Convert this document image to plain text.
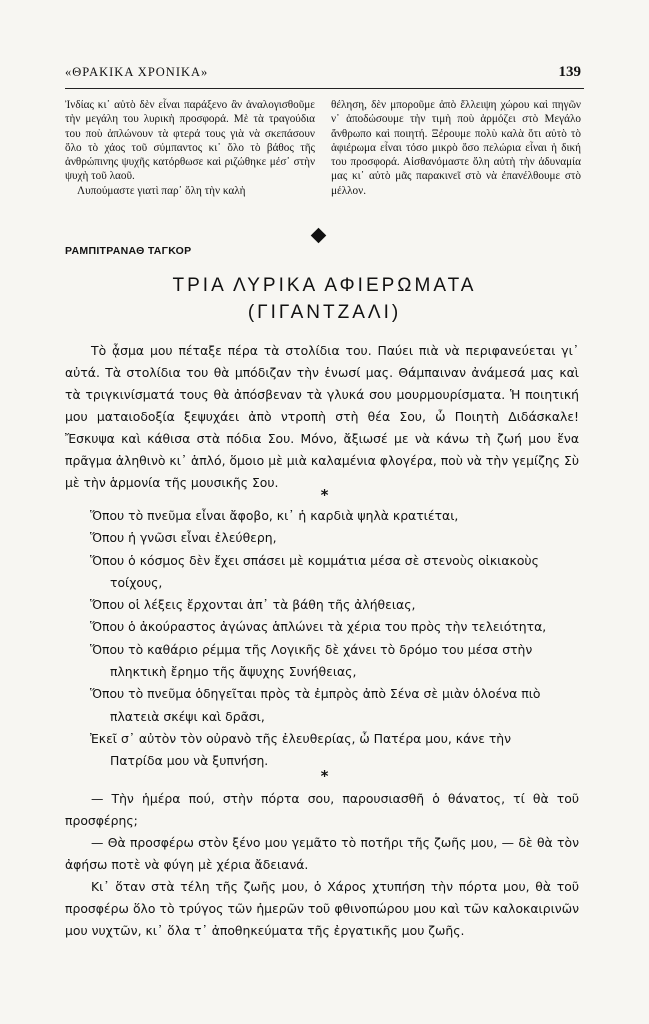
«ΘΡΑΚΙΚΑ ΧΡΟΝΙΚΑ»	139

Ἰνδίας κι᾽ αὐτὸ δὲν εἶναι παράξενο ἂν ἀναλογισθοῦμε τὴν μεγάλη του λυρικὴ προσφορά. Μὲ τὰ τραγούδια του ποὺ ἁπλώνουν τὰ φτερά τους γιὰ νὰ σκεπάσουν ὅλο τὸ χάος τοῦ σύμπαντος κι᾽ ὅλο τὸ βάθος τῆς ἀνθρώπινης ψυχῆς κατόρθωσε καὶ ριζώθηκε μέσ᾽ στὴν ψυχὴ τοῦ λαοῦ.

Λυπούμαστε γιατὶ παρ᾽ ὅλη τὴν καλὴ

θέληση, δὲν μποροῦμε ἀπὸ ἔλλειψη χώρου καὶ πηγῶν ν᾽ ἀποδώσουμε τὴν τιμὴ ποὺ ἁρμόζει στὸ Μεγάλο ἄνθρωπο καὶ ποιητή. Ξέρουμε πολὺ καλὰ ὅτι αὐτὸ τὸ ἀφιέρωμα εἶναι τόσο μικρὸ ὅσο πελώρια εἶναι ἡ δική του προσφορά. Αἰσθανόμαστε ὅλη αὐτὴ τὴν ἀδυναμία μας κι᾽ αὐτὸ μᾶς παρακινεῖ στὸ νὰ ἐπανέλθουμε στὸ μέλλον.

ΡΑΜΠΙΤΡΑΝΑΘ ΤΑΓΚΟΡ
ΤΡΙΑ ΛΥΡΙΚΑ ΑΦΙΕΡΩΜΑΤΑ
(ΓΙΓΑΝΤΖΑΛΙ)

Τὸ ᾆσμα μου πέταξε πέρα τὰ στολίδια του. Παύει πιὰ νὰ περιφανεύεται γι᾽ αὐτά. Τὰ στολίδια του θὰ μπόδιζαν τὴν ἑνωσί μας. Θάμπαιναν ἀνάμεσά μας καὶ τὰ τριγκινίσματά τους θὰ ἀπόσβεναν τὰ γλυκά σου μουρμουρίσματα. Ἡ ποιητική μου ματαιοδοξία ξεψυχάει ἀπὸ ντροπὴ στὴ θέα Σου, ὦ Ποιητὴ Διδάσκαλε! Ἔσκυψα καὶ κάθισα στὰ πόδια Σου. Μόνο, ἄξιωσέ με νὰ κάνω τὴ ζωή μου ἕνα πρᾶγμα ἀληθινὸ κι᾽ ἁπλό, ὅμοιο μὲ μιὰ καλαμένια φλογέρα, ποὺ νὰ τὴν γεμίζης Σὺ μὲ τὴν ἁρμονία τῆς μουσικῆς Σου.

*
Ὅπου τὸ πνεῦμα εἶναι ἄφοβο, κι᾽ ἡ καρδιὰ ψηλὰ κρατιέται,
Ὅπου ἡ γνῶσι εἶναι ἐλεύθερη,
Ὅπου ὁ κόσμος δὲν ἔχει σπάσει μὲ κομμάτια μέσα σὲ στενοὺς οἰκιακοὺς τοίχους,
Ὅπου οἱ λέξεις ἔρχονται ἀπ᾽ τὰ βάθη τῆς ἀλήθειας,
Ὅπου ὁ ἀκούραστος ἀγώνας ἁπλώνει τὰ χέρια του πρὸς τὴν τελειότητα,
Ὅπου τὸ καθάριο ρέμμα τῆς Λογικῆς δὲ χάνει τὸ δρόμο του μέσα στὴν πληκτικὴ ἔρημο τῆς ἄψυχης Συνήθειας,
Ὅπου τὸ πνεῦμα ὁδηγεῖται πρὸς τὰ ἐμπρὸς ἀπὸ Σένα σὲ μιὰν ὁλοένα πιὸ πλατειὰ σκέψι καὶ δρᾶσι,
Ἐκεῖ σ᾽ αὐτὸν τὸν οὐρανὸ τῆς ἐλευθερίας, ὦ Πατέρα μου, κάνε τὴν Πατρίδα μου νὰ ξυπνήση.
*

— Τὴν ἡμέρα πού, στὴν πόρτα σου, παρουσιασθῆ ὁ θάνατος, τί θὰ τοῦ προσφέρης;

— Θὰ προσφέρω στὸν ξένο μου γεμᾶτο τὸ ποτῆρι τῆς ζωῆς μου, — δὲ θὰ τὸν ἀφήσω ποτὲ νὰ φύγη μὲ χέρια ἄδειανά.

Κι᾽ ὅταν στὰ τέλη τῆς ζωῆς μου, ὁ Χάρος χτυπήση τὴν πόρτα μου, θὰ τοῦ προσφέρω ὅλο τὸ τρύγος τῶν ἡμερῶν τοῦ φθινοπώρου μου καὶ τῶν καλοκαιρινῶν μου νυχτῶν, κι᾽ ὅλα τ᾽ ἀποθηκεύματα τῆς ἐργατικῆς μου ζωῆς.
